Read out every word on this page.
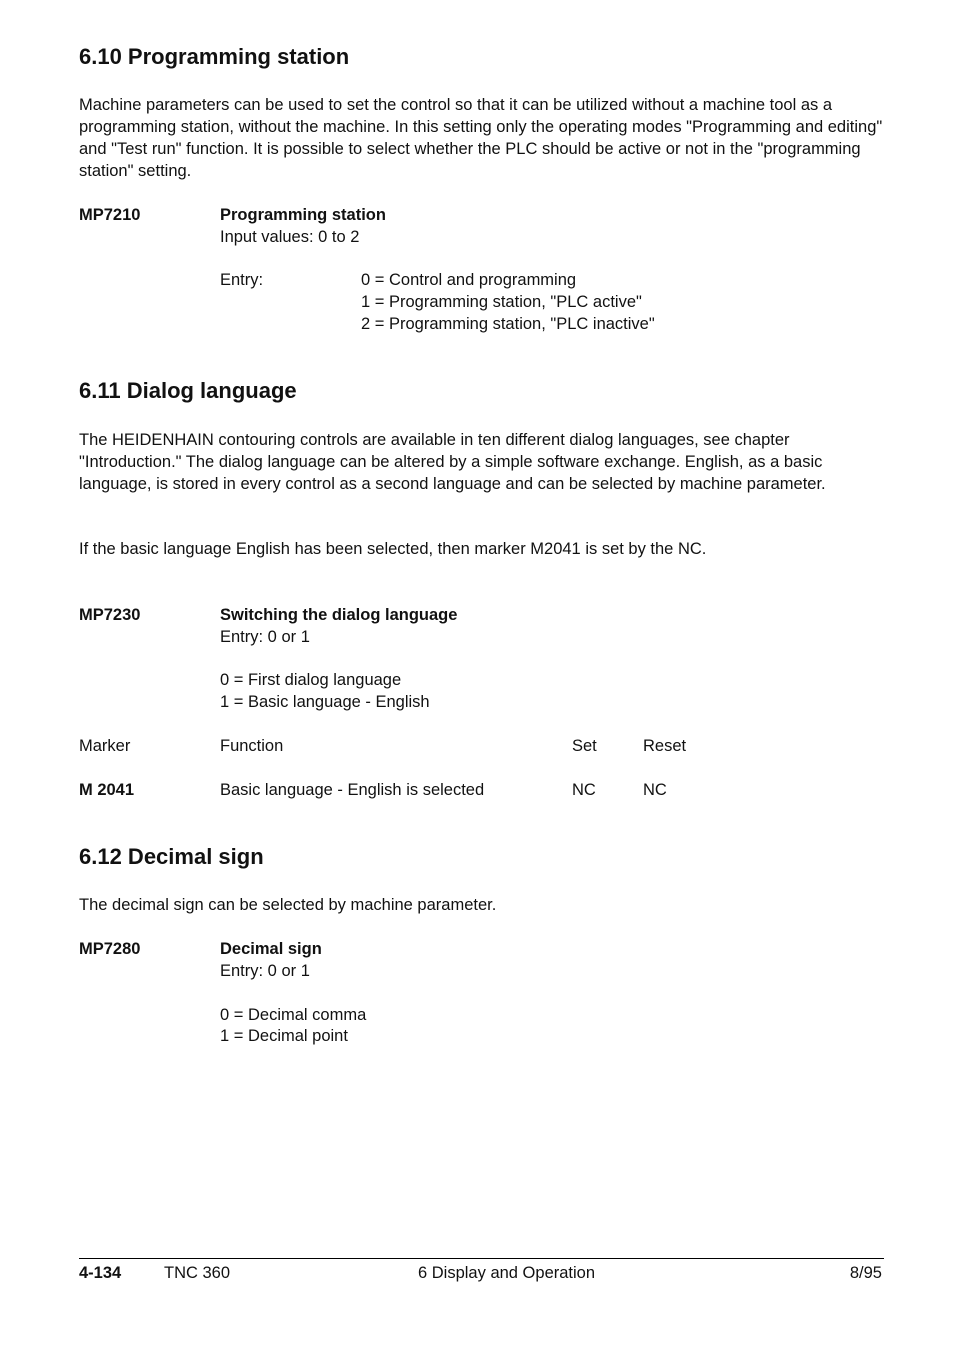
6.10 Programming station

Machine parameters can be used to set the control so that it can be utilized without a machine tool as a programming station, without the machine. In this setting only the operating modes "Programming and editing" and "Test run" function. It is possible to select whether the PLC should be active or not in the "programming station" setting.

MP7210	Programming station
Input values: 0 to 2
Entry:	0 = Control and programming
1 = Programming station, "PLC active"
2 = Programming station, "PLC inactive"
6.11 Dialog language

The HEIDENHAIN contouring controls are available in ten different dialog languages, see chapter "Introduction." The dialog language can be altered by a simple software exchange. English, as a basic language, is stored in every control as a second language and can be selected by machine parameter.

If the basic language English has been selected, then marker M2041 is set by the NC.

MP7230	Switching the dialog language
Entry: 0 or 1
0 = First dialog language
1 = Basic language - English
Marker	Function	Set	Reset
M 2041	Basic language - English is selected	NC	NC
6.12 Decimal sign

The decimal sign can be selected by machine parameter.

MP7280	Decimal sign
Entry: 0 or 1
0 = Decimal comma
1 = Decimal point
4-134	TNC 360	6 Display and Operation	8/95
